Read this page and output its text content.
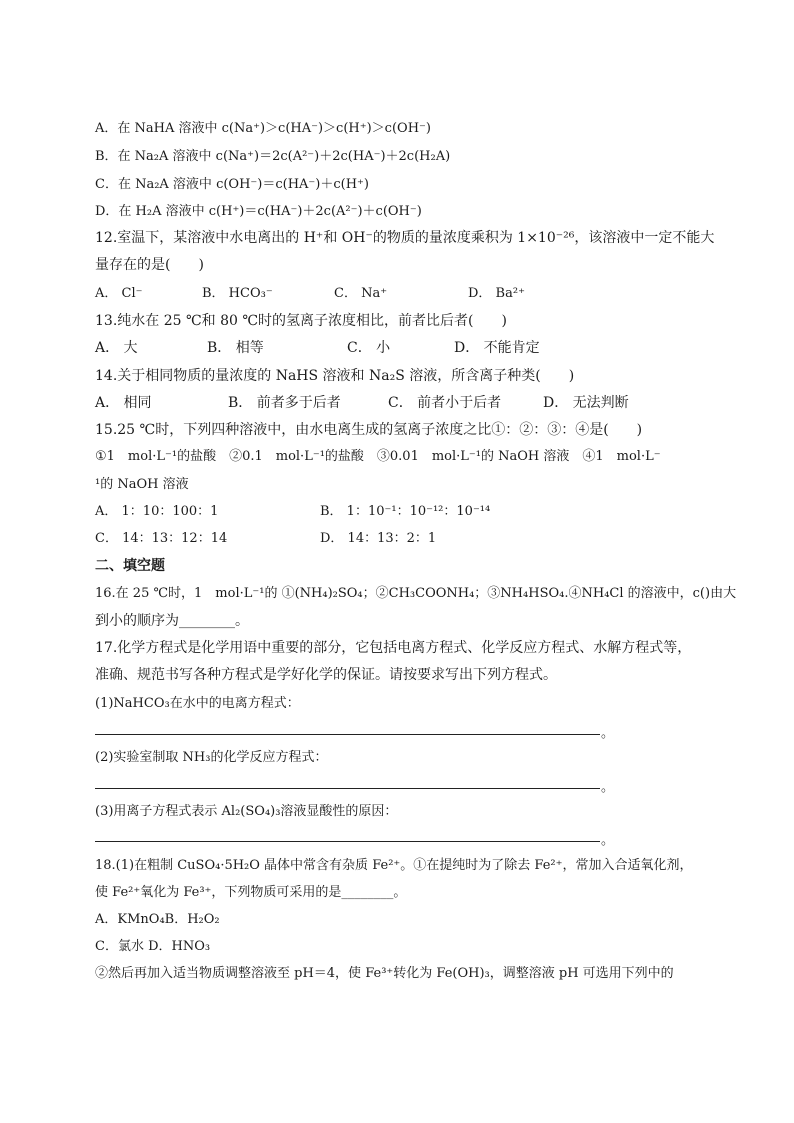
A．在 NaHA 溶液中 c(Na⁺)＞c(HA⁻)＞c(H⁺)＞c(OH⁻)
B．在 Na₂A 溶液中 c(Na⁺)＝2c(A²⁻)＋2c(HA⁻)＋2c(H₂A)
C．在 Na₂A 溶液中 c(OH⁻)＝c(HA⁻)＋c(H⁺)
D．在 H₂A 溶液中 c(H⁺)＝c(HA⁻)＋2c(A²⁻)＋c(OH⁻)
12.室温下，某溶液中水电离出的 H⁺和 OH⁻的物质的量浓度乘积为 1×10⁻²⁶，该溶液中一定不能大
量存在的是(　　)
A． Cl⁻	B． HCO₃⁻	C． Na⁺	D． Ba²⁺
13.纯水在 25 ℃和 80 ℃时的氢离子浓度相比，前者比后者(　　)
A． 大	B． 相等	C． 小	D． 不能肯定
14.关于相同物质的量浓度的 NaHS 溶液和 Na₂S 溶液，所含离子种类(　　)
A． 相同	B． 前者多于后者	C． 前者小于后者	D． 无法判断
15.25 ℃时，下列四种溶液中，由水电离生成的氢离子浓度之比①：②：③：④是(　　)
①1　mol·L⁻¹的盐酸　②0.1　mol·L⁻¹的盐酸　③0.01　mol·L⁻¹的 NaOH 溶液　④1　mol·L⁻
¹的 NaOH 溶液
A． 1：10：100：1	B． 1：10⁻¹：10⁻¹²：10⁻¹⁴
C． 14：13：12：14	D． 14：13：2：1
二、填空题
16.在 25 ℃时，1　mol·L⁻¹的 ①(NH₄)₂SO₄；②CH₃COONH₄；③NH₄HSO₄.④NH₄Cl 的溶液中，c()由大
到小的顺序为________。
17.化学方程式是化学用语中重要的部分，它包括电离方程式、化学反应方程式、水解方程式等，
准确、规范书写各种方程式是学好化学的保证。请按要求写出下列方程式。
(1)NaHCO₃在水中的电离方程式：
。
(2)实验室制取 NH₃的化学反应方程式：
。
(3)用离子方程式表示 Al₂(SO₄)₃溶液显酸性的原因：
。
18.(1)在粗制 CuSO₄·5H₂O 晶体中常含有杂质 Fe²⁺。①在提纯时为了除去 Fe²⁺，常加入合适氧化剂，
使 Fe²⁺氧化为 Fe³⁺，下列物质可采用的是________。
A．KMnO₄B．H₂O₂
C．氯水 D．HNO₃
②然后再加入适当物质调整溶液至 pH＝4，使 Fe³⁺转化为 Fe(OH)₃，调整溶液 pH 可选用下列中的
